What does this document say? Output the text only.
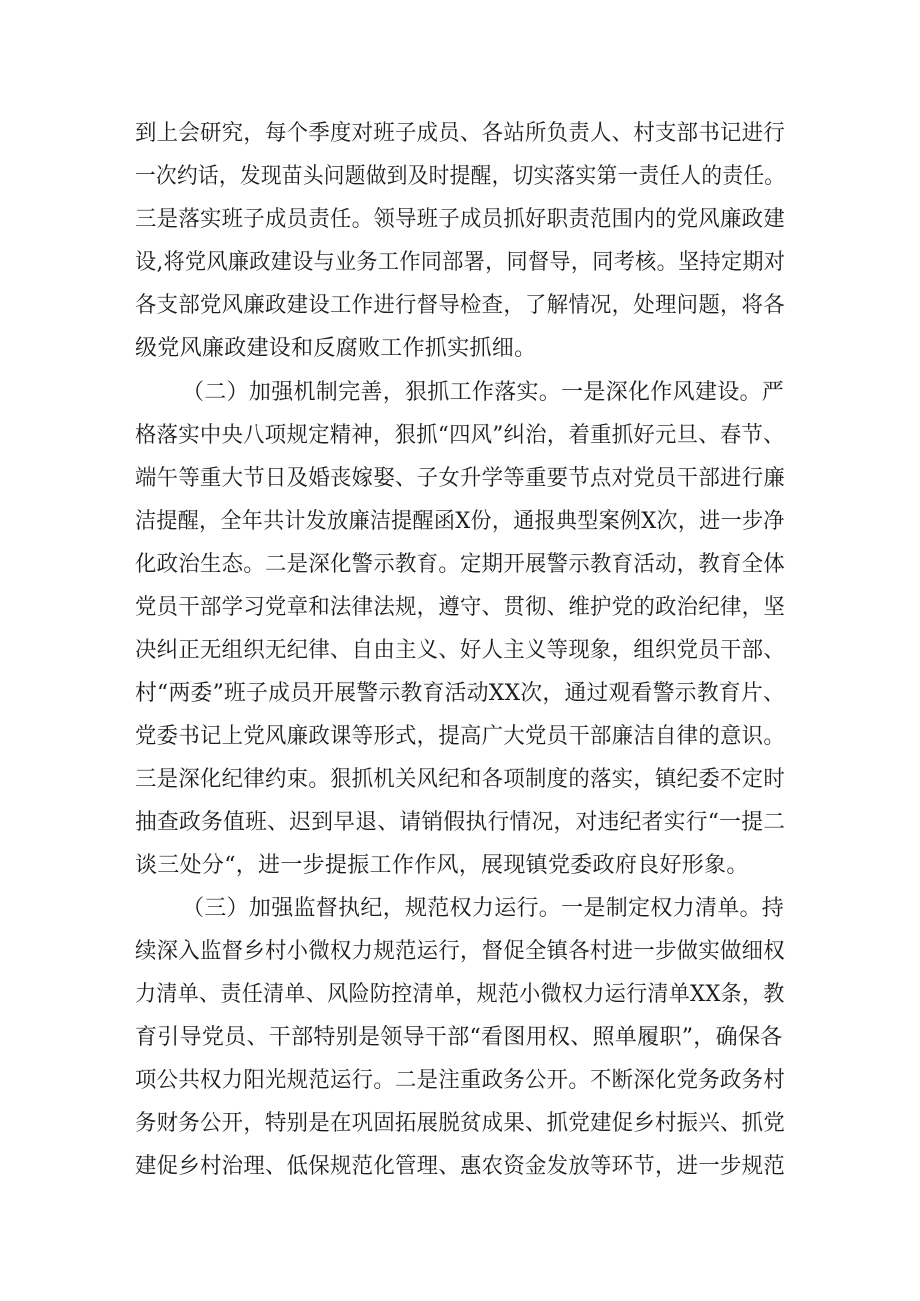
到上会研究，每个季度对班子成员、各站所负责人、村支部书记进行
一次约话，发现苗头问题做到及时提醒，切实落实第一责任人的责任。
三是落实班子成员责任。领导班子成员抓好职责范围内的党风廉政建
设,将党风廉政建设与业务工作同部署，同督导，同考核。坚持定期对
各支部党风廉政建设工作进行督导检查，了解情况，处理问题，将各
级党风廉政建设和反腐败工作抓实抓细。
（二）加强机制完善，狠抓工作落实。一是深化作风建设。严
格落实中央八项规定精神，狠抓“四风”纠治，着重抓好元旦、春节、
端午等重大节日及婚丧嫁娶、子女升学等重要节点对党员干部进行廉
洁提醒，全年共计发放廉洁提醒函X份，通报典型案例X次，进一步净
化政治生态。二是深化警示教育。定期开展警示教育活动，教育全体
党员干部学习党章和法律法规，遵守、贯彻、维护党的政治纪律，坚
决纠正无组织无纪律、自由主义、好人主义等现象，组织党员干部、
村“两委”班子成员开展警示教育活动XX次，通过观看警示教育片、
党委书记上党风廉政课等形式，提高广大党员干部廉洁自律的意识。
三是深化纪律约束。狠抓机关风纪和各项制度的落实，镇纪委不定时
抽查政务值班、迟到早退、请销假执行情况，对违纪者实行“一提二
谈三处分“，进一步提振工作作风，展现镇党委政府良好形象。
（三）加强监督执纪，规范权力运行。一是制定权力清单。持
续深入监督乡村小微权力规范运行，督促全镇各村进一步做实做细权
力清单、责任清单、风险防控清单，规范小微权力运行清单XX条，教
育引导党员、干部特别是领导干部“看图用权、照单履职”，确保各
项公共权力阳光规范运行。二是注重政务公开。不断深化党务政务村
务财务公开，特别是在巩固拓展脱贫成果、抓党建促乡村振兴、抓党
建促乡村治理、低保规范化管理、惠农资金发放等环节，进一步规范
